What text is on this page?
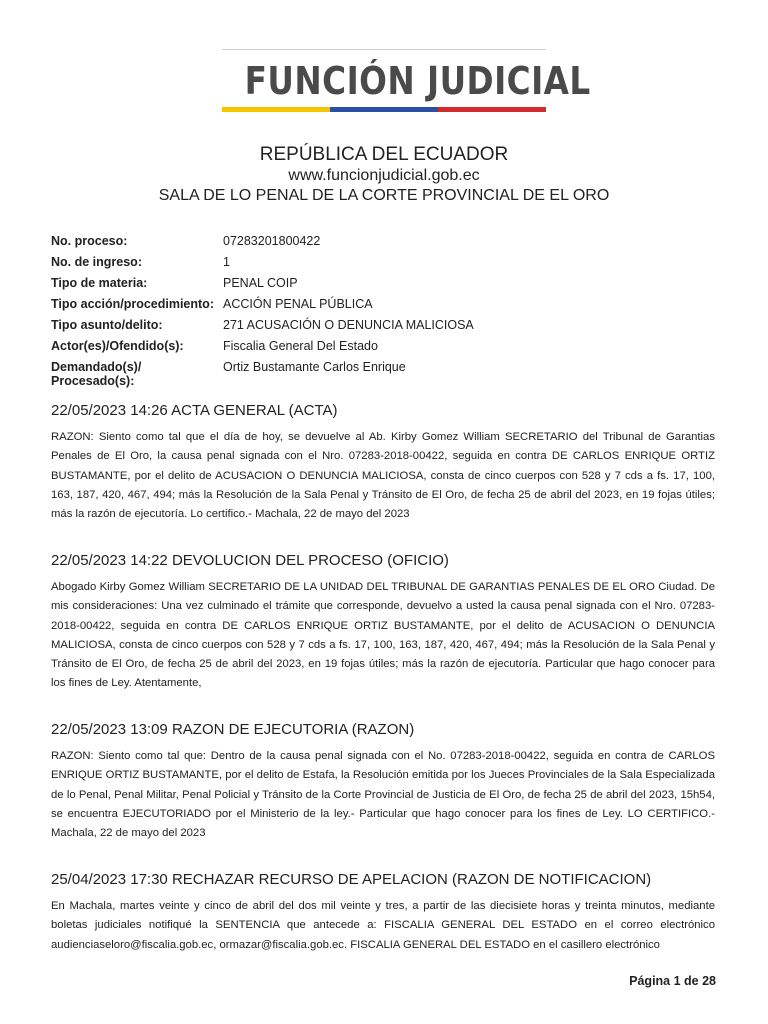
FUNCIÓN JUDICIAL
REPÚBLICA DEL ECUADOR
www.funcionjudicial.gob.ec
SALA DE LO PENAL DE LA CORTE PROVINCIAL DE EL ORO
No. proceso:	07283201800422
No. de ingreso:	1
Tipo de materia:	PENAL COIP
Tipo acción/procedimiento: ACCIÓN PENAL PÚBLICA
Tipo asunto/delito:	271 ACUSACIÓN O DENUNCIA MALICIOSA
Actor(es)/Ofendido(s):	Fiscalia General Del Estado
Demandado(s)/
Procesado(s):
Ortiz Bustamante Carlos Enrique
22/05/2023 14:26 ACTA GENERAL (ACTA)
RAZON: Siento como tal que el día de hoy, se devuelve al Ab. Kirby Gomez William SECRETARIO del Tribunal de Garantias Penales de El Oro, la causa penal signada con el Nro. 07283-2018-00422, seguida en contra DE CARLOS ENRIQUE ORTIZ BUSTAMANTE, por el delito de ACUSACION O DENUNCIA MALICIOSA, consta de cinco cuerpos con 528 y 7 cds a fs. 17, 100, 163, 187, 420, 467, 494; más la Resolución de la Sala Penal y Tránsito de El Oro, de fecha 25 de abril del 2023, en 19 fojas útiles; más la razón de ejecutoría. Lo certifico.- Machala, 22 de mayo del 2023
22/05/2023 14:22 DEVOLUCION DEL PROCESO (OFICIO)
Abogado Kirby Gomez William SECRETARIO DE LA UNIDAD DEL TRIBUNAL DE GARANTIAS PENALES DE EL ORO Ciudad. De mis consideraciones: Una vez culminado el trámite que corresponde, devuelvo a usted la causa penal signada con el Nro. 07283-2018-00422, seguida en contra DE CARLOS ENRIQUE ORTIZ BUSTAMANTE, por el delito de ACUSACION O DENUNCIA MALICIOSA, consta de cinco cuerpos con 528 y 7 cds a fs. 17, 100, 163, 187, 420, 467, 494; más la Resolución de la Sala Penal y Tránsito de El Oro, de fecha 25 de abril del 2023, en 19 fojas útiles; más la razón de ejecutoría. Particular que hago conocer para los fines de Ley. Atentamente,
22/05/2023 13:09 RAZON DE EJECUTORIA (RAZON)
RAZON: Siento como tal que: Dentro de la causa penal signada con el No. 07283-2018-00422, seguida en contra de CARLOS ENRIQUE ORTIZ BUSTAMANTE, por el delito de Estafa, la Resolución emitida por los Jueces Provinciales de la Sala Especializada de lo Penal, Penal Militar, Penal Policial y Tránsito de la Corte Provincial de Justicia de El Oro, de fecha 25 de abril del 2023, 15h54, se encuentra EJECUTORIADO por el Ministerio de la ley.- Particular que hago conocer para los fines de Ley. LO CERTIFICO.- Machala, 22 de mayo del 2023
25/04/2023 17:30 RECHAZAR RECURSO DE APELACION (RAZON DE NOTIFICACION)
En Machala, martes veinte y cinco de abril del dos mil veinte y tres, a partir de las diecisiete horas y treinta minutos, mediante boletas judiciales notifiqué la SENTENCIA que antecede a: FISCALIA GENERAL DEL ESTADO en el correo electrónico audienciaseloro@fiscalia.gob.ec, ormazar@fiscalia.gob.ec. FISCALIA GENERAL DEL ESTADO en el casillero electrónico
Página 1 de 28
